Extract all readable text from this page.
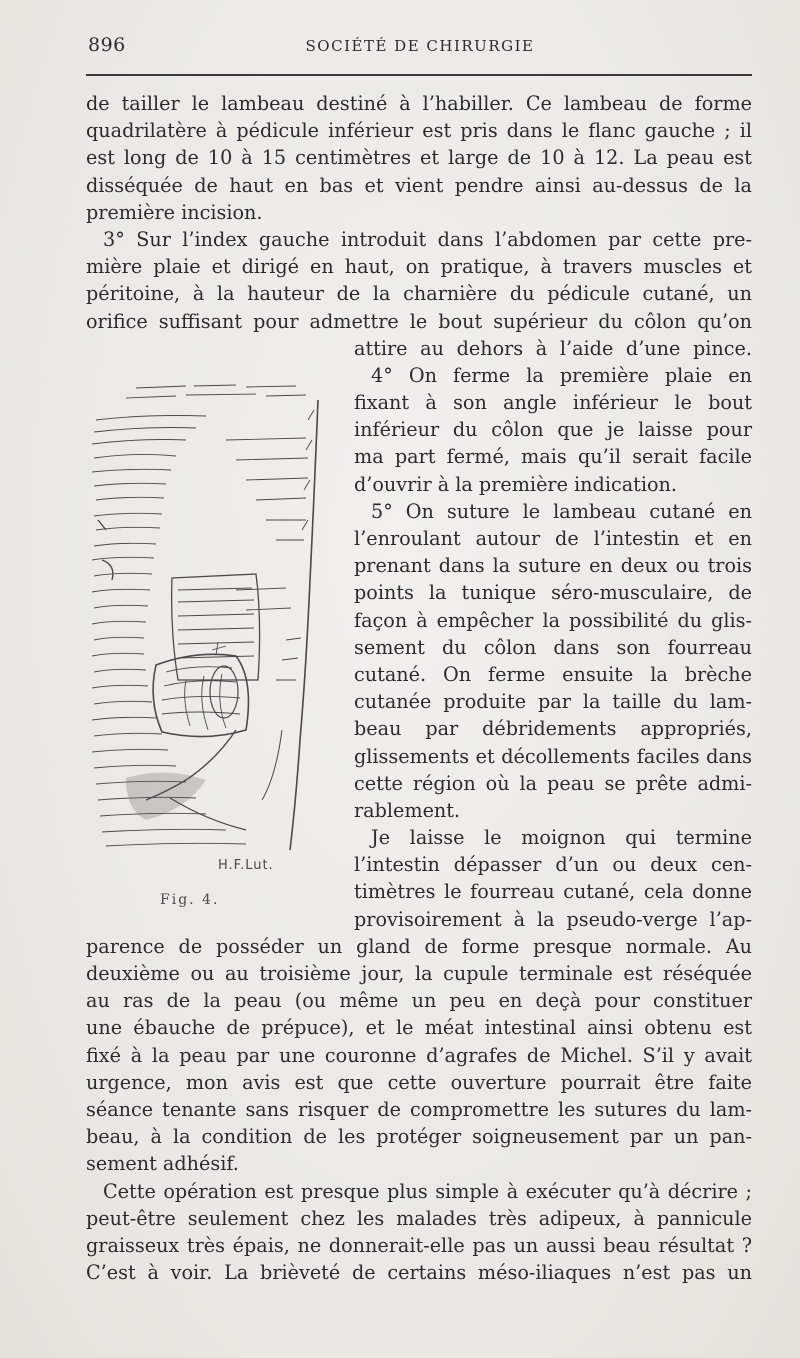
896	SOCIÉTÉ DE CHIRURGIE
de tailler le lambeau destiné à l’habiller. Ce lambeau de forme
quadrilatère à pédicule inférieur est pris dans le flanc gauche ; il
est long de 10 à 15 centimètres et large de 10 à 12. La peau est
disséquée de haut en bas et vient pendre ainsi au-dessus de la
première incision.
3° Sur l’index gauche introduit dans l’abdomen par cette pre-
mière plaie et dirigé en haut, on pratique, à travers muscles et
péritoine, à la hauteur de la charnière du pédicule cutané, un
orifice suffisant pour admettre le bout supérieur du côlon qu’on
attire au dehors à l’aide d’une pince.
4° On ferme la première plaie en
fixant à son angle inférieur le bout
inférieur du côlon que je laisse pour
ma part fermé, mais qu’il serait facile
d’ouvrir à la première indication.
5° On suture le lambeau cutané en
l’enroulant autour de l’intestin et en
prenant dans la suture en deux ou trois
points la tunique séro-musculaire, de
façon à empêcher la possibilité du glis-
sement du côlon dans son fourreau
cutané. On ferme ensuite la brèche
cutanée produite par la taille du lam-
beau par débridements appropriés,
glissements et décollements faciles dans
cette région où la peau se prête admi-
rablement.
Je laisse le moignon qui termine
l’intestin dépasser d’un ou deux cen-
timètres le fourreau cutané, cela donne
provisoirement à la pseudo-verge l’ap-
parence de posséder un gland de forme presque normale. Au
deuxième ou au troisième jour, la cupule terminale est réséquée
au ras de la peau (ou même un peu en deçà pour constituer
une ébauche de prépuce), et le méat intestinal ainsi obtenu est
fixé à la peau par une couronne d’agrafes de Michel. S’il y avait
urgence, mon avis est que cette ouverture pourrait être faite
séance tenante sans risquer de compromettre les sutures du lam-
beau, à la condition de les protéger soigneusement par un pan-
sement adhésif.
Cette opération est presque plus simple à exécuter qu’à décrire ;
peut-être seulement chez les malades très adipeux, à pannicule
graisseux très épais, ne donnerait-elle pas un aussi beau résultat ?
C’est à voir. La brièveté de certains méso-iliaques n’est pas un
H.F.Lut.
Fig. 4.
